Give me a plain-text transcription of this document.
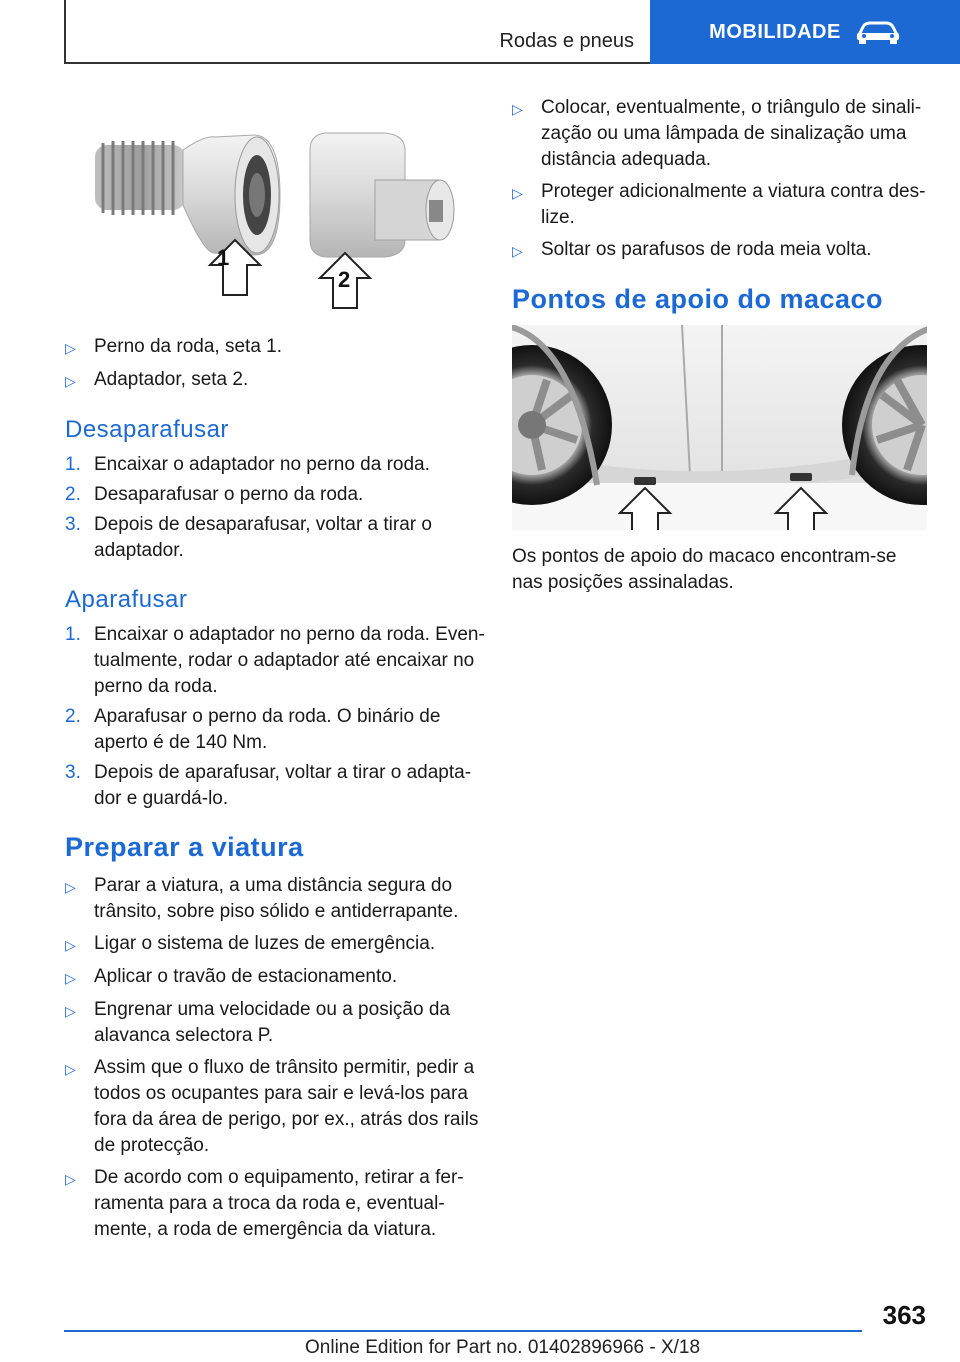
Rodas e pneus	MOBILIDADE
1
2
▷ Perno da roda, seta 1.
▷ Adaptador, seta 2.
Desaparafusar
1. Encaixar o adaptador no perno da roda.
2. Desaparafusar o perno da roda.
3. Depois de desaparafusar, voltar a tirar o adaptador.
Aparafusar
1. Encaixar o adaptador no perno da roda. Eventualmente, rodar o adaptador até encaixar no perno da roda.
2. Aparafusar o perno da roda. O binário de aperto é de 140 Nm.
3. Depois de aparafusar, voltar a tirar o adaptador e guardá-lo.
Preparar a viatura
▷ Parar a viatura, a uma distância segura do trânsito, sobre piso sólido e antiderrapante.
▷ Ligar o sistema de luzes de emergência.
▷ Aplicar o travão de estacionamento.
▷ Engrenar uma velocidade ou a posição da alavanca selectora P.
▷ Assim que o fluxo de trânsito permitir, pedir a todos os ocupantes para sair e levá-los para fora da área de perigo, por ex., atrás dos rails de protecção.
▷ De acordo com o equipamento, retirar a ferramenta para a troca da roda e, eventualmente, a roda de emergência da viatura.
▷ Colocar, eventualmente, o triângulo de sinalização ou uma lâmpada de sinalização uma distância adequada.
▷ Proteger adicionalmente a viatura contra deslize.
▷ Soltar os parafusos de roda meia volta.
Pontos de apoio do macaco

Os pontos de apoio do macaco encontram-se nas posições assinaladas.

363
Online Edition for Part no. 01402896966 - X/18
